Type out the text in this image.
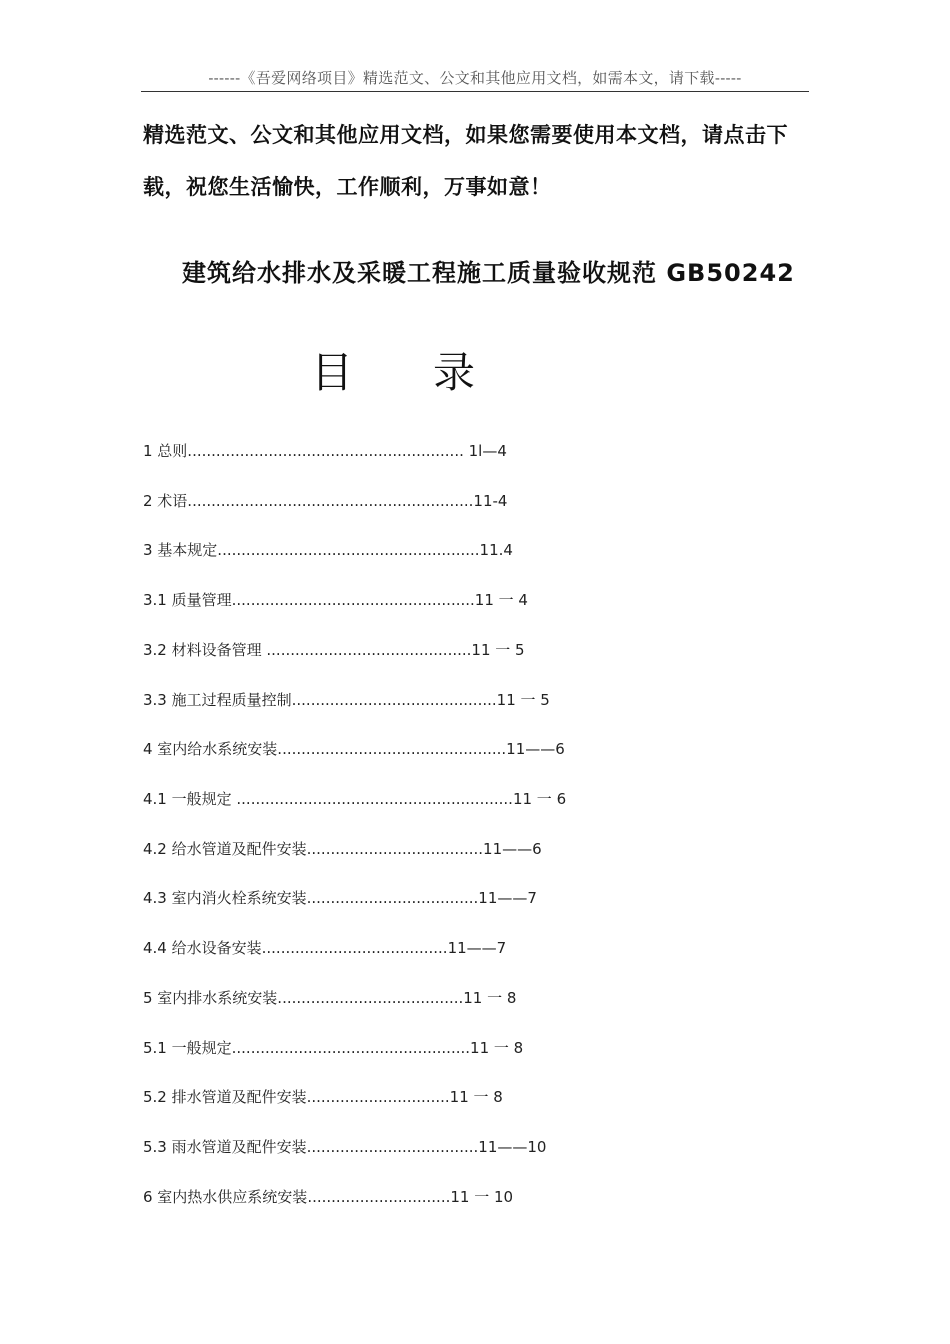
------《吾爱网络项目》精选范文、公文和其他应用文档，如需本文，请下载-----
精选范文、公文和其他应用文档，如果您需要使用本文档，请点击下
载，祝您生活愉快，工作顺利，万事如意！
建筑给水排水及采暖工程施工质量验收规范 GB50242
目 录
1 总则.......................................................... 1l—4
2 术语............................................................11-4
3 基本规定.......................................................11.4
3.1 质量管理...................................................11 一 4
3.2 材料设备管理 ...........................................11 一 5
3.3 施工过程质量控制...........................................11 一 5
4 室内给水系统安装................................................11——6
4.1 一般规定 ..........................................................11 一 6
4.2 给水管道及配件安装.....................................11——6
4.3 室内消火栓系统安装....................................11——7
4.4 给水设备安装.......................................11——7
5 室内排水系统安装.......................................11 一 8
5.1 一般规定..................................................11 一 8
5.2 排水管道及配件安装..............................11 一 8
5.3 雨水管道及配件安装....................................11——10
6 室内热水供应系统安装..............................11 一 10
